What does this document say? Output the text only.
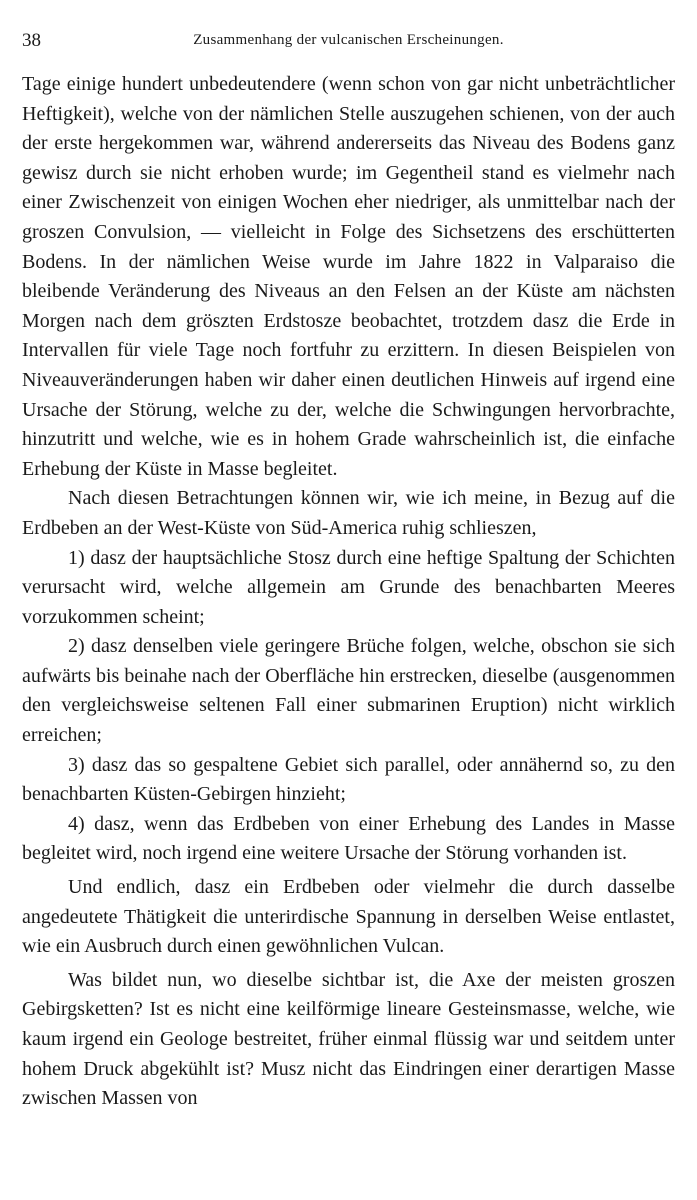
38	Zusammenhang der vulcanischen Erscheinungen.

Tage einige hundert unbedeutendere (wenn schon von gar nicht unbeträchtlicher Heftigkeit), welche von der nämlichen Stelle auszugehen schienen, von der auch der erste hergekommen war, während andererseits das Niveau des Bodens ganz gewisz durch sie nicht erhoben wurde; im Gegentheil stand es vielmehr nach einer Zwischenzeit von einigen Wochen eher niedriger, als unmittelbar nach der groszen Convulsion, — vielleicht in Folge des Sichsetzens des erschütterten Bodens. In der nämlichen Weise wurde im Jahre 1822 in Valparaiso die bleibende Veränderung des Niveaus an den Felsen an der Küste am nächsten Morgen nach dem gröszten Erdstosze beobachtet, trotzdem dasz die Erde in Intervallen für viele Tage noch fortfuhr zu erzittern. In diesen Beispielen von Niveauveränderungen haben wir daher einen deutlichen Hinweis auf irgend eine Ursache der Störung, welche zu der, welche die Schwingungen hervorbrachte, hinzutritt und welche, wie es in hohem Grade wahrscheinlich ist, die einfache Erhebung der Küste in Masse begleitet.

Nach diesen Betrachtungen können wir, wie ich meine, in Bezug auf die Erdbeben an der West-Küste von Süd-America ruhig schlieszen,

1) dasz der hauptsächliche Stosz durch eine heftige Spaltung der Schichten verursacht wird, welche allgemein am Grunde des benachbarten Meeres vorzukommen scheint;

2) dasz denselben viele geringere Brüche folgen, welche, obschon sie sich aufwärts bis beinahe nach der Oberfläche hin erstrecken, dieselbe (ausgenommen den vergleichsweise seltenen Fall einer submarinen Eruption) nicht wirklich erreichen;

3) dasz das so gespaltene Gebiet sich parallel, oder annähernd so, zu den benachbarten Küsten-Gebirgen hinzieht;

4) dasz, wenn das Erdbeben von einer Erhebung des Landes in Masse begleitet wird, noch irgend eine weitere Ursache der Störung vorhanden ist.

Und endlich, dasz ein Erdbeben oder vielmehr die durch dasselbe angedeutete Thätigkeit die unterirdische Spannung in derselben Weise entlastet, wie ein Ausbruch durch einen gewöhnlichen Vulcan.

Was bildet nun, wo dieselbe sichtbar ist, die Axe der meisten groszen Gebirgsketten? Ist es nicht eine keilförmige lineare Gesteinsmasse, welche, wie kaum irgend ein Geologe bestreitet, früher einmal flüssig war und seitdem unter hohem Druck abgekühlt ist? Musz nicht das Eindringen einer derartigen Masse zwischen Massen von
